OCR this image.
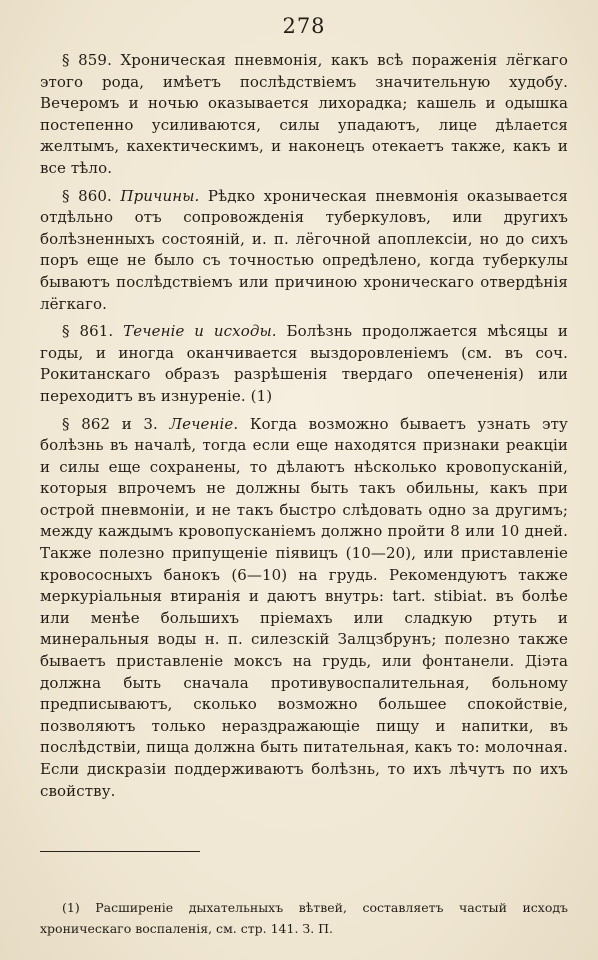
278

§ 859. Хроническая пневмонія, какъ всѣ пораженія лёгкаго этого рода, имѣетъ послѣдствіемъ значительную худобу. Вечеромъ и ночью оказывается лихорадка; кашель и одышка постепенно усиливаются, силы упадаютъ, лице дѣлается желтымъ, кахектическимъ, и наконецъ отекаетъ также, какъ и все тѣло.

§ 860. Причины. Рѣдко хроническая пневмонія оказывается отдѣльно отъ сопровожденія туберкуловъ, или другихъ болѣзненныхъ состояній, и. п. лёгочной апоплексіи, но до сихъ поръ еще не было съ точностью опредѣлено, когда туберкулы бываютъ послѣдствіемъ или причиною хроническаго отвердѣнія лёгкаго.

§ 861. Теченіе и исходы. Болѣзнь продолжается мѣсяцы и годы, и иногда оканчивается выздоровленіемъ (см. въ соч. Рокитанскаго образъ разрѣшенія твердаго опечененія) или переходитъ въ изнуреніе. (1)

§ 862 и 3. Леченіе. Когда возможно бываетъ узнать эту болѣзнь въ началѣ, тогда если еще находятся признаки реакціи и силы еще сохранены, то дѣлаютъ нѣсколько кровопусканій, которыя впрочемъ не должны быть такъ обильны, какъ при острой пневмоніи, и не такъ быстро слѣдовать одно за другимъ; между каждымъ кровопусканіемъ должно пройти 8 или 10 дней. Также полезно припущеніе піявицъ (10—20), или приставленіе кровососныхъ банокъ (6—10) на грудь. Рекомендуютъ также меркуріальныя втиранія и даютъ внутрь: tart. stibiat. въ болѣе или менѣе большихъ пріемахъ или сладкую ртуть и минеральныя воды н. п. силезскій Залцзбрунъ; полезно также бываетъ приставленіе моксъ на грудь, или фонтанели. Діэта должна быть сначала противувоспалительная, больному предписываютъ, сколько возможно большее спокойствіе, позволяютъ только нераздражающіе пищу и напитки, въ послѣдствіи, пища должна быть питательная, какъ то: молочная. Если дискразіи поддерживаютъ болѣзнь, то ихъ лѣчутъ по ихъ свойству.

(1) Расширеніе дыхательныхъ вѣтвей, составляетъ частый исходъ хроническаго воспаленія, см. стр. 141. З. П.
